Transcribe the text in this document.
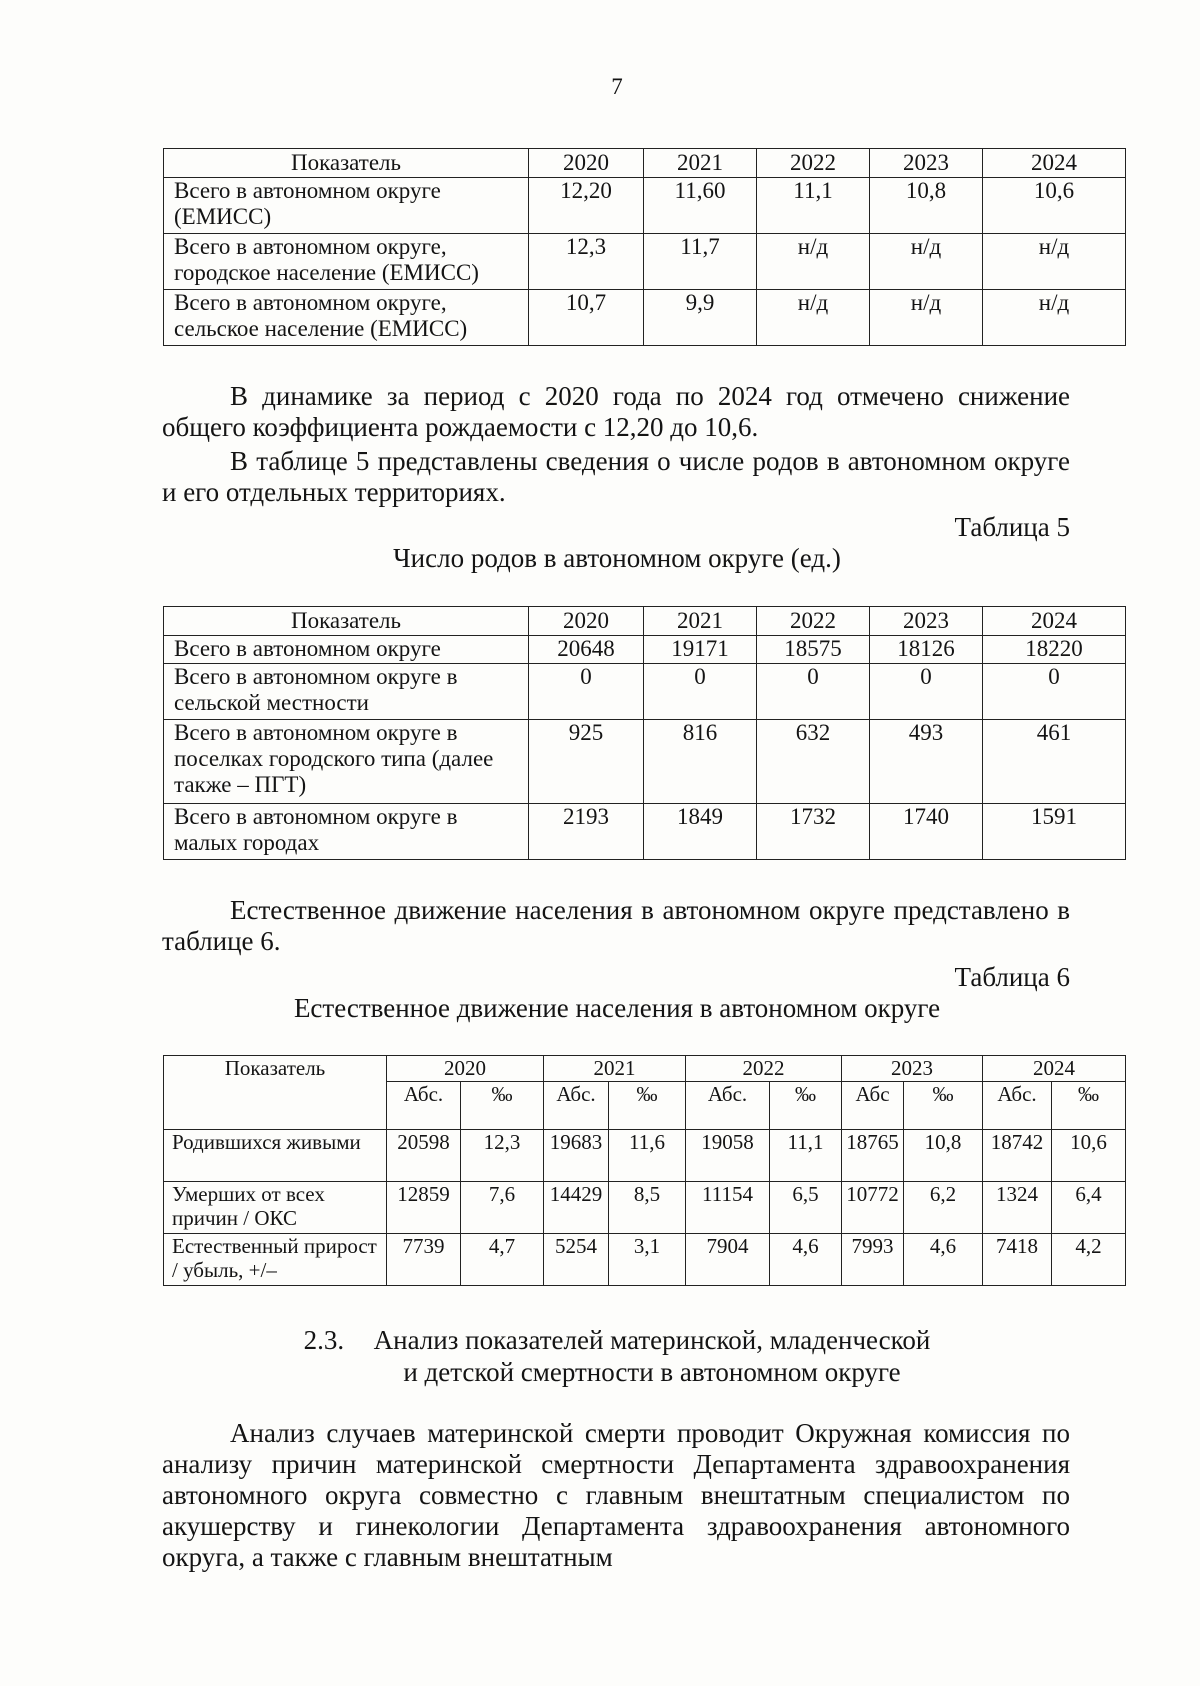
7
Показатель	2020	2021	2022	2023	2024
Всего в автономном округе (ЕМИСС)	12,20	11,60	11,1	10,8	10,6
Всего в автономном округе, городское население (ЕМИСС)	12,3	11,7	н/д	н/д	н/д
Всего в автономном округе, сельское население (ЕМИСС)	10,7	9,9	н/д	н/д	н/д
В динамике за период с 2020 года по 2024 год отмечено снижение общего коэффициента рождаемости с 12,20 до 10,6.
В таблице 5 представлены сведения о числе родов в автономном округе и его отдельных территориях.
Таблица 5
Число родов в автономном округе (ед.)
Показатель	2020	2021	2022	2023	2024
Всего в автономном округе	20648	19171	18575	18126	18220
Всего в автономном округе в сельской местности	0	0	0	0	0
Всего в автономном округе в поселках городского типа (далее также – ПГТ)	925	816	632	493	461
Всего в автономном округе в малых городах	2193	1849	1732	1740	1591
Естественное движение населения в автономном округе представлено в таблице 6.
Таблица 6
Естественное движение населения в автономном округе
Показатель	2020		2021		2022		2023		2024	
	Абс.	‰	Абс.	‰	Абс.	‰	Абс	‰	Абс.	‰
Родившихся живыми	20598	12,3	19683	11,6	19058	11,1	18765	10,8	18742	10,6
Умерших от всех причин / ОКС	12859	7,6	14429	8,5	11154	6,5	10772	6,2	1324	6,4
Естественный прирост / убыль, +/–	7739	4,7	5254	3,1	7904	4,6	7993	4,6	7418	4,2
2.3. Анализ показателей материнской, младенческой
и детской смертности в автономном округе
Анализ случаев материнской смерти проводит Окружная комиссия по анализу причин материнской смертности Департамента здравоохранения автономного округа совместно с главным внештатным специалистом по акушерству и гинекологии Департамента здравоохранения автономного округа, а также с главным внештатным
